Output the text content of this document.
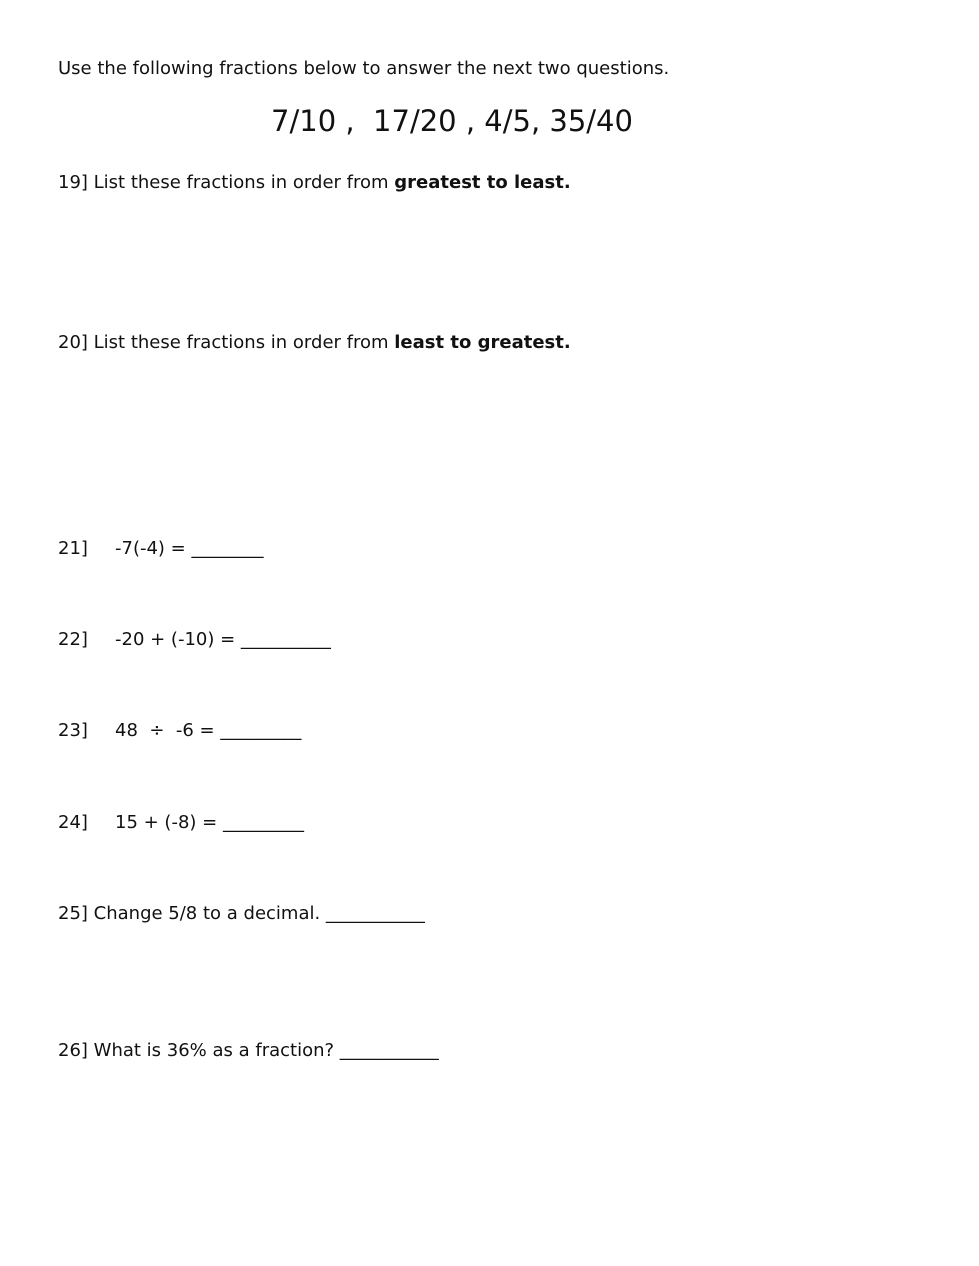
Use the following fractions below to answer the next two questions.
7/10 ,  17/20 , 4/5, 35/40
19] List these fractions in order from greatest to least.
20] List these fractions in order from least to greatest.
21] -7(-4) = ________
22] -20 + (-10) = __________
23] 48  ÷  -6 = _________
24] 15 + (-8) = _________
25] Change 5/8 to a decimal. ___________
26] What is 36% as a fraction? ___________
